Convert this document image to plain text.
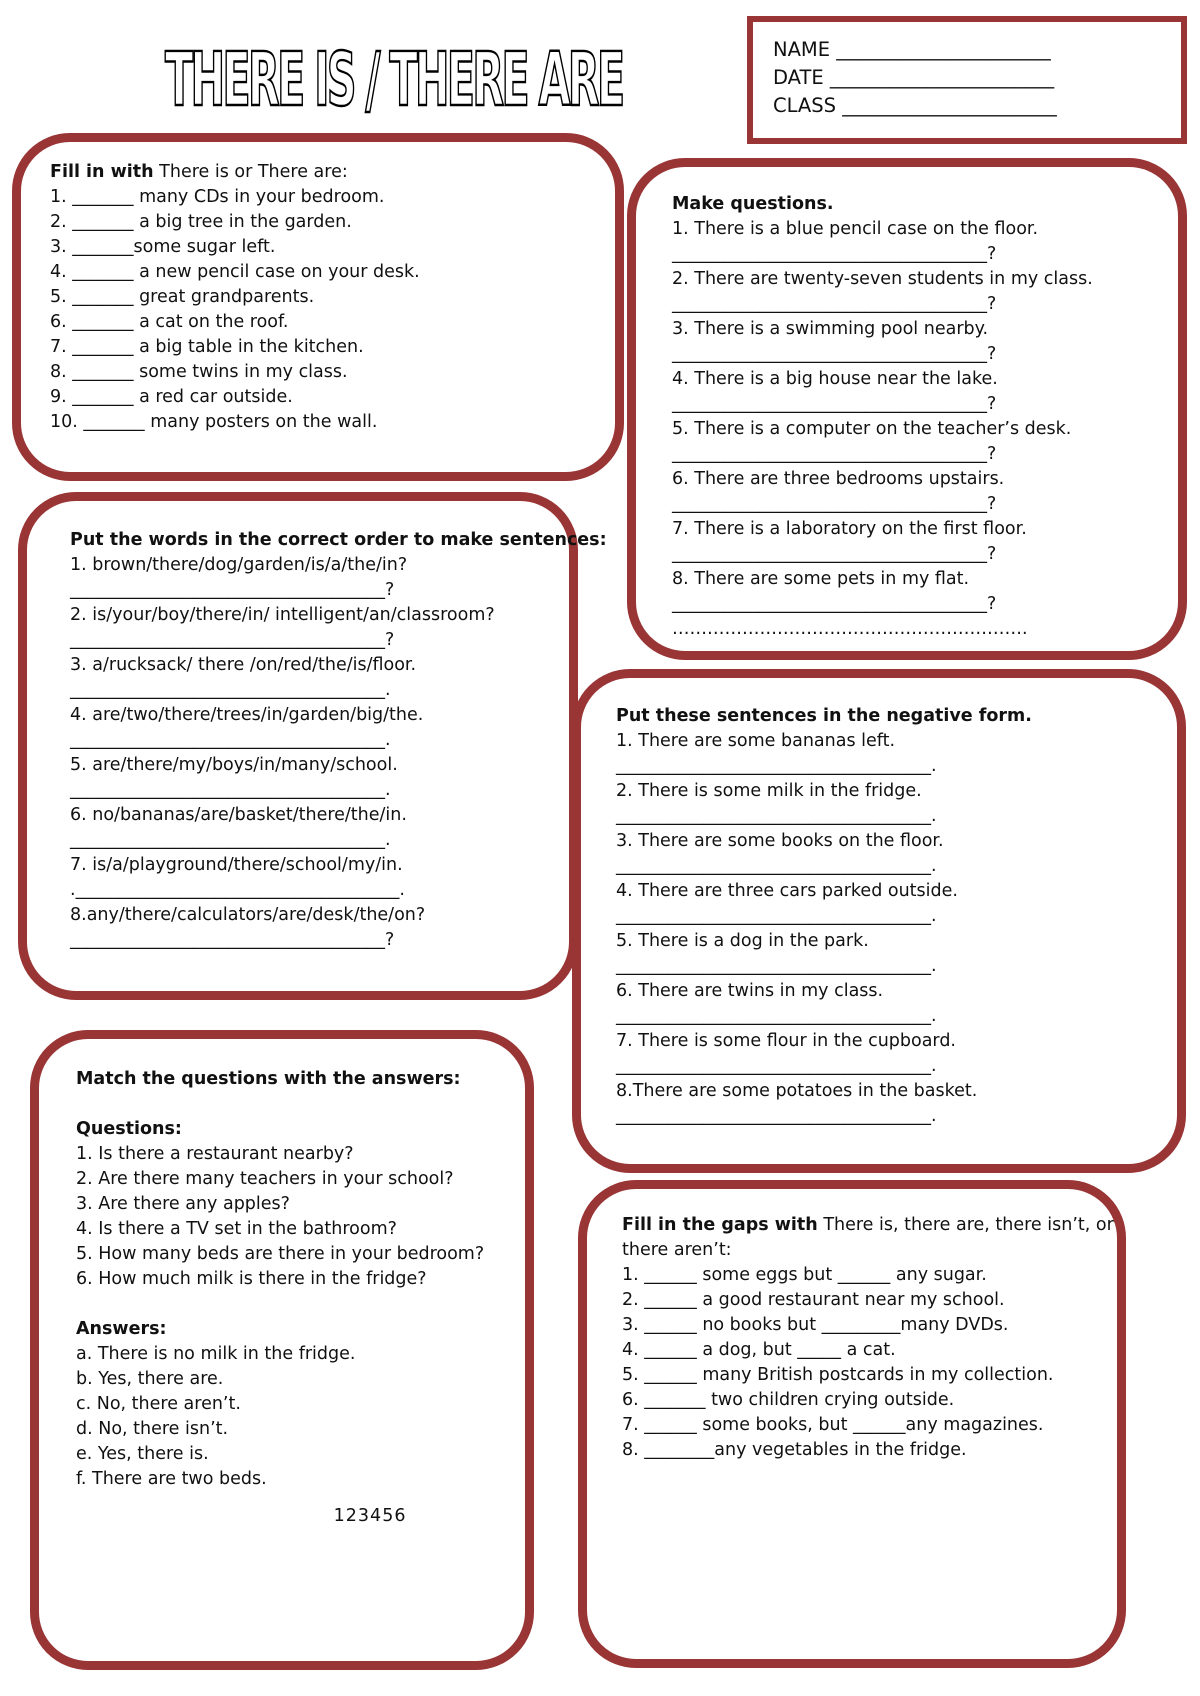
THERE IS / THERE ARE	NAME ______________________
DATE _______________________
CLASS ______________________

Fill in with There is or There are:

1. _______ many CDs in your bedroom.

2. _______ a big tree in the garden.

3. _______some sugar left.

4. _______ a new pencil case on your desk.

5. _______ great grandparents.

6. _______ a cat on the roof.

7. _______ a big table in the kitchen.

8. _______ some twins in my class.

9. _______ a red car outside.

10. _______ many posters on the wall.

Make questions.

1. There is a blue pencil case on the floor.

____________________________________?

2. There are twenty-seven students in my class.

____________________________________?

3. There is a swimming pool nearby.

____________________________________?

4. There is a big house near the lake.

____________________________________?

5. There is a computer on the teacher’s desk.

____________________________________?

6. There are three bedrooms upstairs.

____________________________________?

7. There is a laboratory on the first floor.

____________________________________?

8. There are some pets in my flat.

____________________________________?

…………………………………………………….

Put the words in the correct order to make sentences:

1. brown/there/dog/garden/is/a/the/in?

____________________________________?

2. is/your/boy/there/in/ intelligent/an/classroom?

____________________________________?

3. a/rucksack/ there /on/red/the/is/floor.

____________________________________.

4. are/two/there/trees/in/garden/big/the.

____________________________________.

5. are/there/my/boys/in/many/school.

____________________________________.

6. no/bananas/are/basket/there/the/in.

____________________________________.

7. is/a/playground/there/school/my/in.

._____________________________________.

8.any/there/calculators/are/desk/the/on?

____________________________________?

Put these sentences in the negative form.

1. There are some bananas left.

____________________________________.

2. There is some milk in the fridge.

____________________________________.

3. There are some books on the floor.

____________________________________.

4. There are three cars parked outside.

____________________________________.

5. There is a dog in the park.

____________________________________.

6. There are twins in my class.

____________________________________.

7. There is some flour in the cupboard.

____________________________________.

8.There are some potatoes in the basket.

____________________________________.

Match the questions with the answers:

Questions:

1. Is there a restaurant nearby?

2. Are there many teachers in your school?

3. Are there any apples?

4. Is there a TV set in the bathroom?

5. How many beds are there in your bedroom?

6. How much milk is there in the fridge?

Answers:

a. There is no milk in the fridge.

b. Yes, there are.

c. No, there aren’t.

d. No, there isn’t.

e. Yes, there is.

f. There are two beds.

123456

Fill in the gaps with There is, there are, there isn’t, or

there aren’t:

1. ______ some eggs but ______ any sugar.

2. ______ a good restaurant near my school.

3. ______ no books but _________many DVDs.

4. ______ a dog, but _____ a cat.

5. ______ many British postcards in my collection.

6. _______ two children crying outside.

7. ______ some books, but ______any magazines.

8. ________any vegetables in the fridge.
